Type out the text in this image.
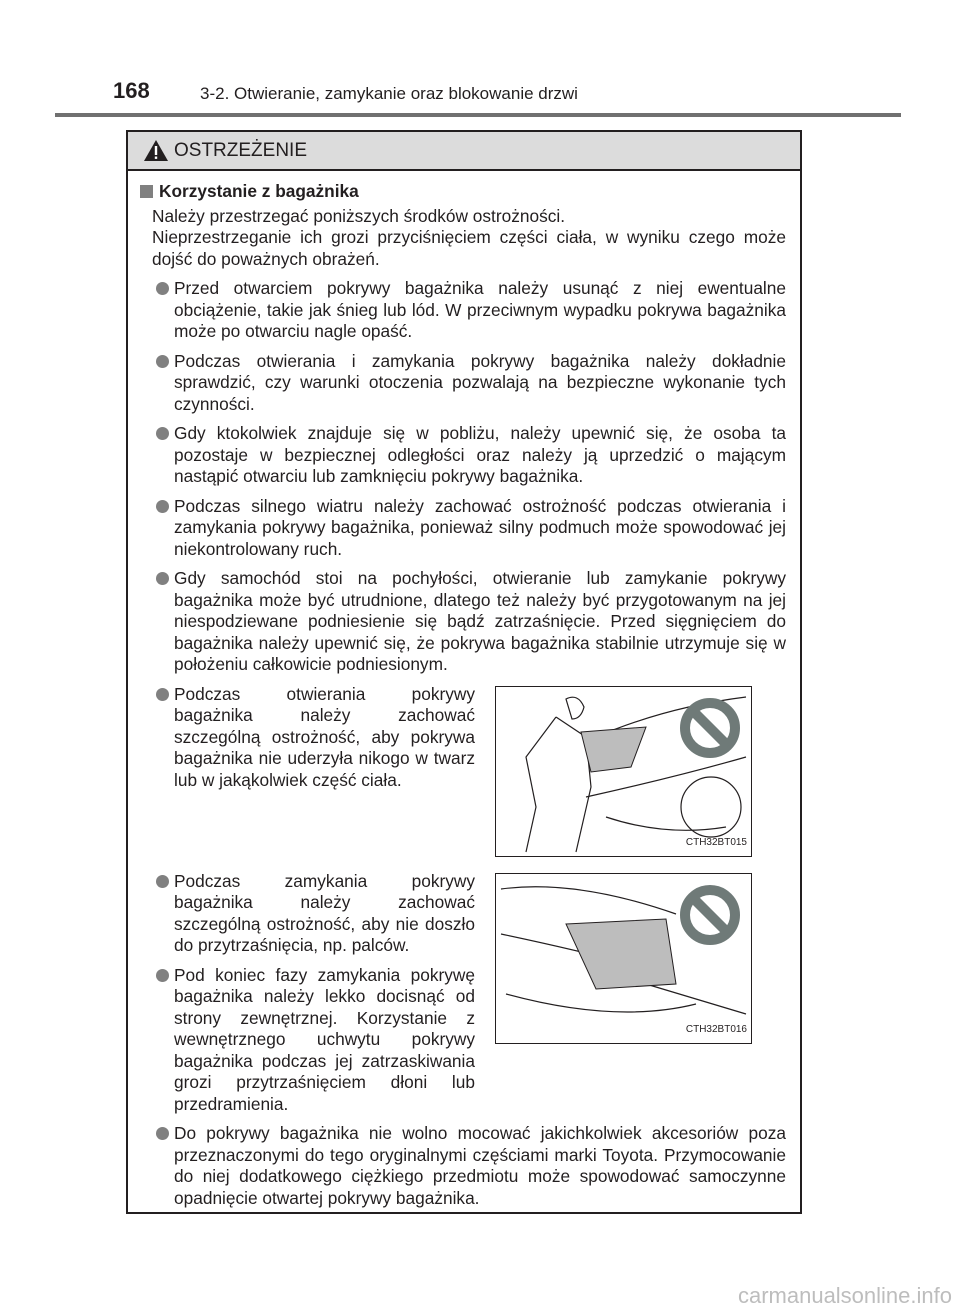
168	3-2. Otwieranie, zamykanie oraz blokowanie drzwi
OSTRZEŻENIE
Korzystanie z bagażnika
Należy przestrzegać poniższych środków ostrożności.
Nieprzestrzeganie ich grozi przyciśnięciem części ciała, w wyniku czego może dojść do poważnych obrażeń.
Przed otwarciem pokrywy bagażnika należy usunąć z niej ewentualne obciążenie, takie jak śnieg lub lód. W przeciwnym wypadku pokrywa bagażnika może po otwarciu nagle opaść.
Podczas otwierania i zamykania pokrywy bagażnika należy dokładnie sprawdzić, czy warunki otoczenia pozwalają na bezpieczne wykonanie tych czynności.
Gdy ktokolwiek znajduje się w pobliżu, należy upewnić się, że osoba ta pozostaje w bezpiecznej odległości oraz należy ją uprzedzić o mającym nastąpić otwarciu lub zamknięciu pokrywy bagażnika.
Podczas silnego wiatru należy zachować ostrożność podczas otwierania i zamykania pokrywy bagażnika, ponieważ silny podmuch może spowodować jej niekontrolowany ruch.
Gdy samochód stoi na pochyłości, otwieranie lub zamykanie pokrywy bagażnika może być utrudnione, dlatego też należy być przygotowanym na jej niespodziewane podniesienie się bądź zatrzaśnięcie. Przed sięgnięciem do bagażnika należy upewnić się, że pokrywa bagażnika stabilnie utrzymuje się w położeniu całkowicie podniesionym.
Podczas otwierania pokrywy bagażnika należy zachować szczególną ostrożność, aby pokrywa bagażnika nie uderzyła nikogo w twarz lub w jakąkolwiek część ciała.
CTH32BT015
Podczas zamykania pokrywy bagażnika należy zachować szczególną ostrożność, aby nie doszło do przytrzaśnięcia, np. palców.
Pod koniec fazy zamykania pokrywę bagażnika należy lekko docisnąć od strony zewnętrznej. Korzystanie z wewnętrznego uchwytu pokrywy bagażnika podczas jej zatrzaskiwania grozi przytrzaśnięciem dłoni lub przedramienia.
CTH32BT016
Do pokrywy bagażnika nie wolno mocować jakichkolwiek akcesoriów poza przeznaczonymi do tego oryginalnymi częściami marki Toyota. Przymocowanie do niej dodatkowego ciężkiego przedmiotu może spowodować samoczynne opadnięcie otwartej pokrywy bagażnika.
carmanualsonline.info
